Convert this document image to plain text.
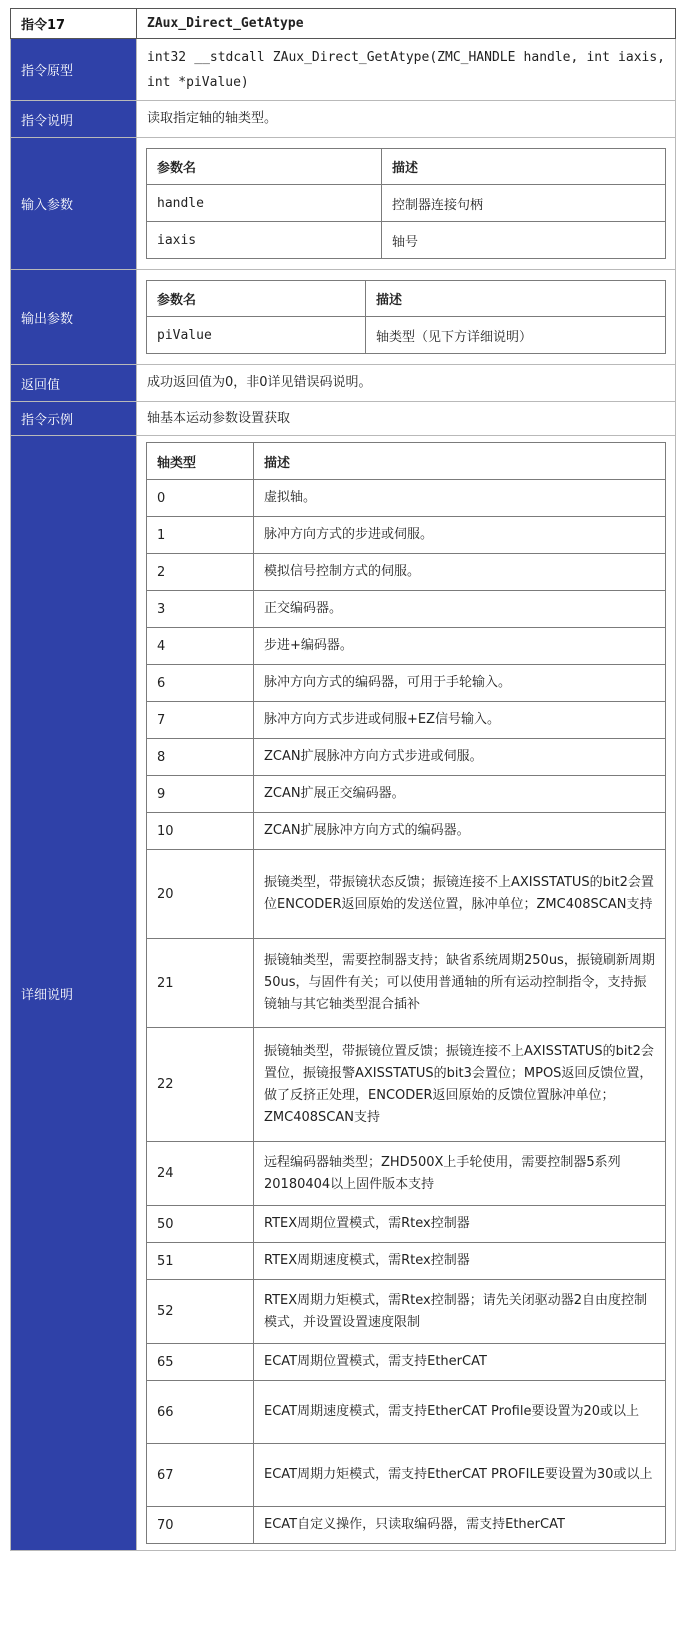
指令17	ZAux_Direct_GetAtype
指令原型	int32 __stdcall ZAux_Direct_GetAtype(ZMC_HANDLE handle, int iaxis, int *piValue)
指令说明	读取指定轴的轴类型。
输入参数	
参数名	描述
handle	控制器连接句柄
iaxis	轴号

输出参数	
参数名	描述
piValue	轴类型（见下方详细说明）

返回值	成功返回值为0，非0详见错误码说明。
指令示例	轴基本运动参数设置获取
详细说明	
轴类型	描述
0	虚拟轴。
1	脉冲方向方式的步进或伺服。
2	模拟信号控制方式的伺服。
3	正交编码器。
4	步进+编码器。
6	脉冲方向方式的编码器，可用于手轮输入。
7	脉冲方向方式步进或伺服+EZ信号输入。
8	ZCAN扩展脉冲方向方式步进或伺服。
9	ZCAN扩展正交编码器。
10	ZCAN扩展脉冲方向方式的编码器。
20	振镜类型，带振镜状态反馈；振镜连接不上AXISSTATUS的bit2会置位ENCODER返回原始的发送位置，脉冲单位；ZMC408SCAN支持
21	振镜轴类型，需要控制器支持；缺省系统周期250us，振镜刷新周期50us，与固件有关；可以使用普通轴的所有运动控制指令，支持振镜轴与其它轴类型混合插补
22	振镜轴类型，带振镜位置反馈；振镜连接不上AXISSTATUS的bit2会置位，振镜报警AXISSTATUS的bit3会置位；MPOS返回反馈位置，做了反挤正处理，ENCODER返回原始的反馈位置脉冲单位；ZMC408SCAN支持
24	远程编码器轴类型；ZHD500X上手轮使用，需要控制器5系列20180404以上固件版本支持
50	RTEX周期位置模式，需Rtex控制器
51	RTEX周期速度模式，需Rtex控制器
52	RTEX周期力矩模式，需Rtex控制器；请先关闭驱动器2自由度控制模式，并设置设置速度限制
65	ECAT周期位置模式，需支持EtherCAT
66	ECAT周期速度模式，需支持EtherCAT Profile要设置为20或以上
67	ECAT周期力矩模式，需支持EtherCAT PROFILE要设置为30或以上
70	ECAT自定义操作，只读取编码器，需支持EtherCAT
